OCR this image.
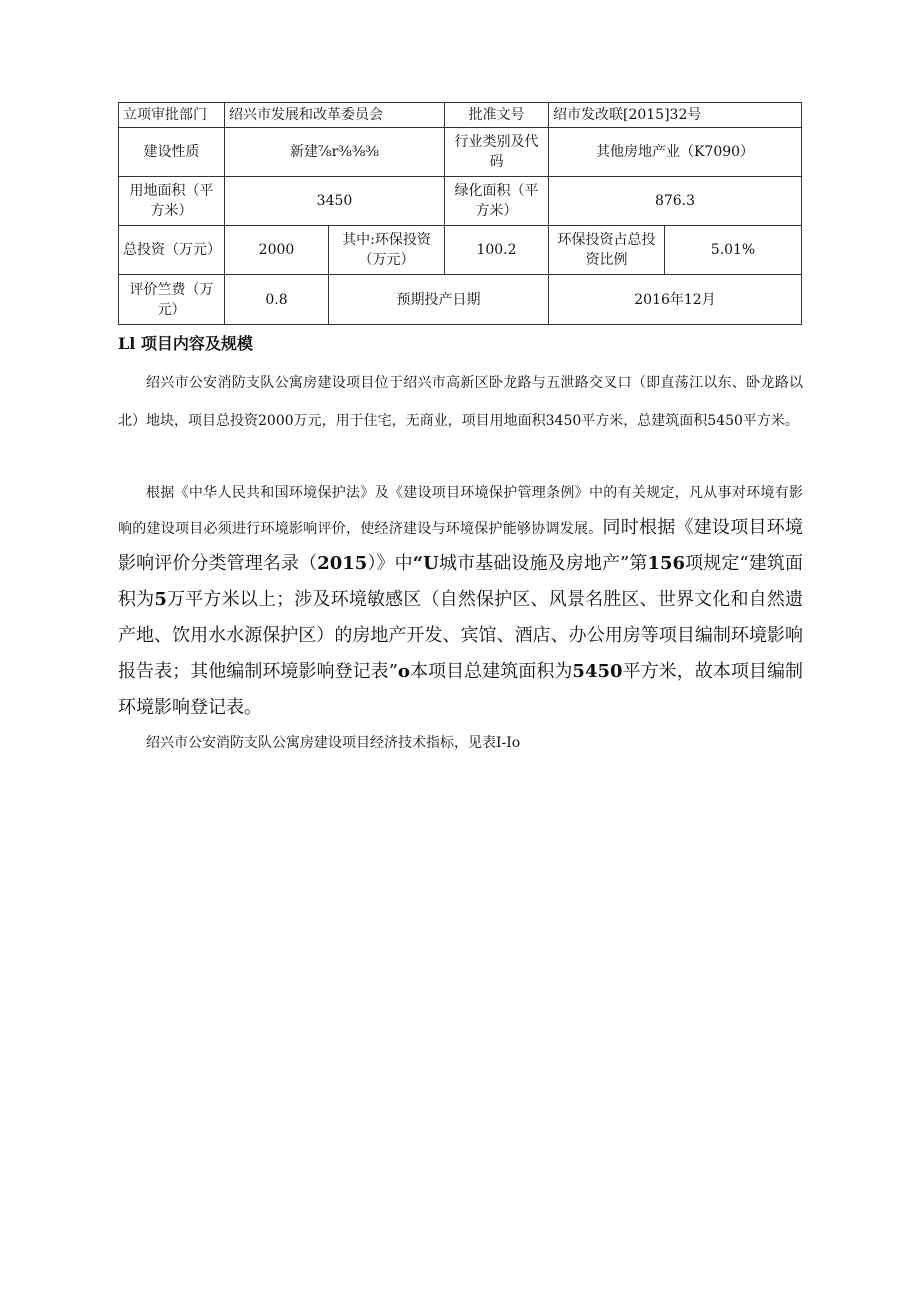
立项审批部门	绍兴市发展和改革委员会		批准文号	绍市发改联[2015]32号	
建设性质	新建⅞r⅜⅜⅜		行业类别及代码	其他房地产业（K7090）	
用地面积（平方米）	3450		绿化面积（平方米）	876.3	
总投资（万元）	2000	其中:环保投资（万元）	100.2	环保投资占总投资比例	5.01%
评价竺费（万元）	0.8	预期投产日期		2016年12月	
Ll 项目内容及规模

绍兴市公安消防支队公寓房建设项目位于绍兴市高新区卧龙路与五泄路交叉口（即直荡江以东、卧龙路以北）地块，项目总投资2000万元，用于住宅，无商业，项目用地面积3450平方米，总建筑面积5450平方米。

根据《中华人民共和国环境保护法》及《建设项目环境保护管理条例》中的有关规定，凡从事对环境有影响的建设项目必须进行环境影响评价，使经济建设与环境保护能够协调发展。同时根据《建设项目环境影响评价分类管理名录（2015）》中“U城市基础设施及房地产”第156项规定“建筑面积为5万平方米以上；涉及环境敏感区（自然保护区、风景名胜区、世界文化和自然遗产地、饮用水水源保护区）的房地产开发、宾馆、酒店、办公用房等项目编制环境影响报告表；其他编制环境影响登记表”o本项目总建筑面积为5450平方米，故本项目编制环境影响登记表。

绍兴市公安消防支队公寓房建设项目经济技术指标，见表I-Io
